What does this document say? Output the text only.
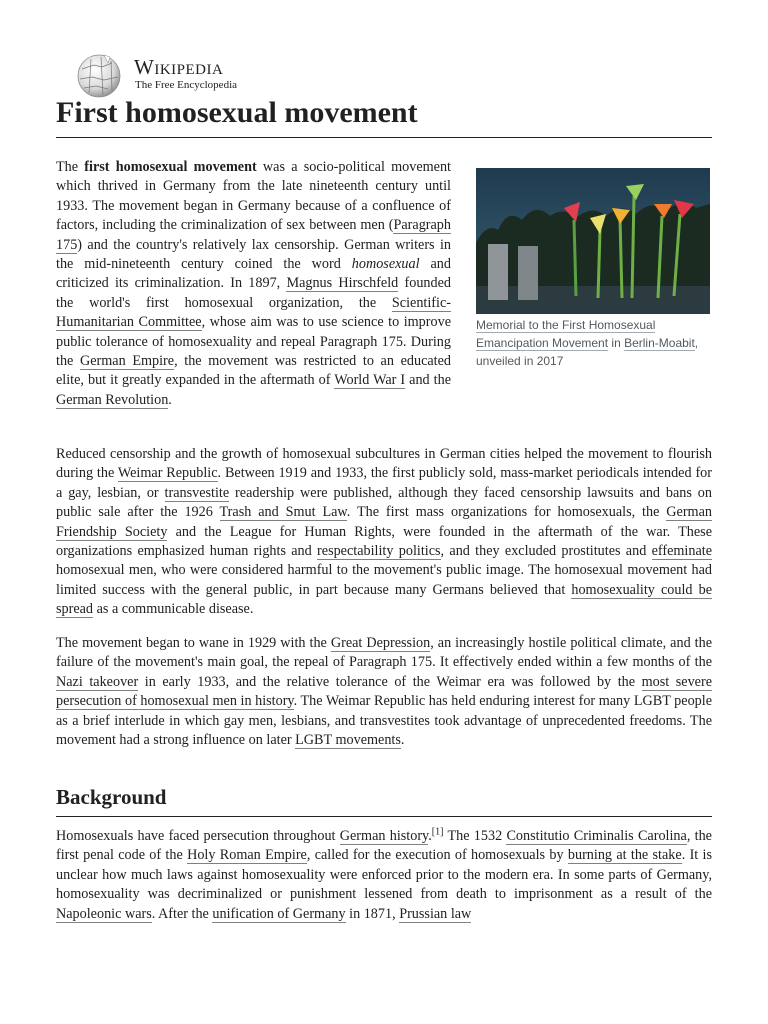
Wikipedia
The Free Encyclopedia
First homosexual movement

The first homosexual movement was a socio-political movement which thrived in Germany from the late nineteenth century until 1933. The movement began in Germany because of a confluence of factors, including the criminalization of sex between men (Paragraph 175) and the country's relatively lax censorship. German writers in the mid-nineteenth century coined the word homosexual and criticized its criminalization. In 1897, Magnus Hirschfeld founded the world's first homosexual organization, the Scientific-Humanitarian Committee, whose aim was to use science to improve public tolerance of homosexuality and repeal Paragraph 175. During the German Empire, the movement was restricted to an educated elite, but it greatly expanded in the aftermath of World War I and the German Revolution.

Memorial to the First Homosexual Emancipation Movement in Berlin-Moabit, unveiled in 2017

Reduced censorship and the growth of homosexual subcultures in German cities helped the movement to flourish during the Weimar Republic. Between 1919 and 1933, the first publicly sold, mass-market periodicals intended for a gay, lesbian, or transvestite readership were published, although they faced censorship lawsuits and bans on public sale after the 1926 Trash and Smut Law. The first mass organizations for homosexuals, the German Friendship Society and the League for Human Rights, were founded in the aftermath of the war. These organizations emphasized human rights and respectability politics, and they excluded prostitutes and effeminate homosexual men, who were considered harmful to the movement's public image. The homosexual movement had limited success with the general public, in part because many Germans believed that homosexuality could be spread as a communicable disease.

The movement began to wane in 1929 with the Great Depression, an increasingly hostile political climate, and the failure of the movement's main goal, the repeal of Paragraph 175. It effectively ended within a few months of the Nazi takeover in early 1933, and the relative tolerance of the Weimar era was followed by the most severe persecution of homosexual men in history. The Weimar Republic has held enduring interest for many LGBT people as a brief interlude in which gay men, lesbians, and transvestites took advantage of unprecedented freedoms. The movement had a strong influence on later LGBT movements.

Background

Homosexuals have faced persecution throughout German history.[1] The 1532 Constitutio Criminalis Carolina, the first penal code of the Holy Roman Empire, called for the execution of homosexuals by burning at the stake. It is unclear how much laws against homosexuality were enforced prior to the modern era. In some parts of Germany, homosexuality was decriminalized or punishment lessened from death to imprisonment as a result of the Napoleonic wars. After the unification of Germany in 1871, Prussian law
